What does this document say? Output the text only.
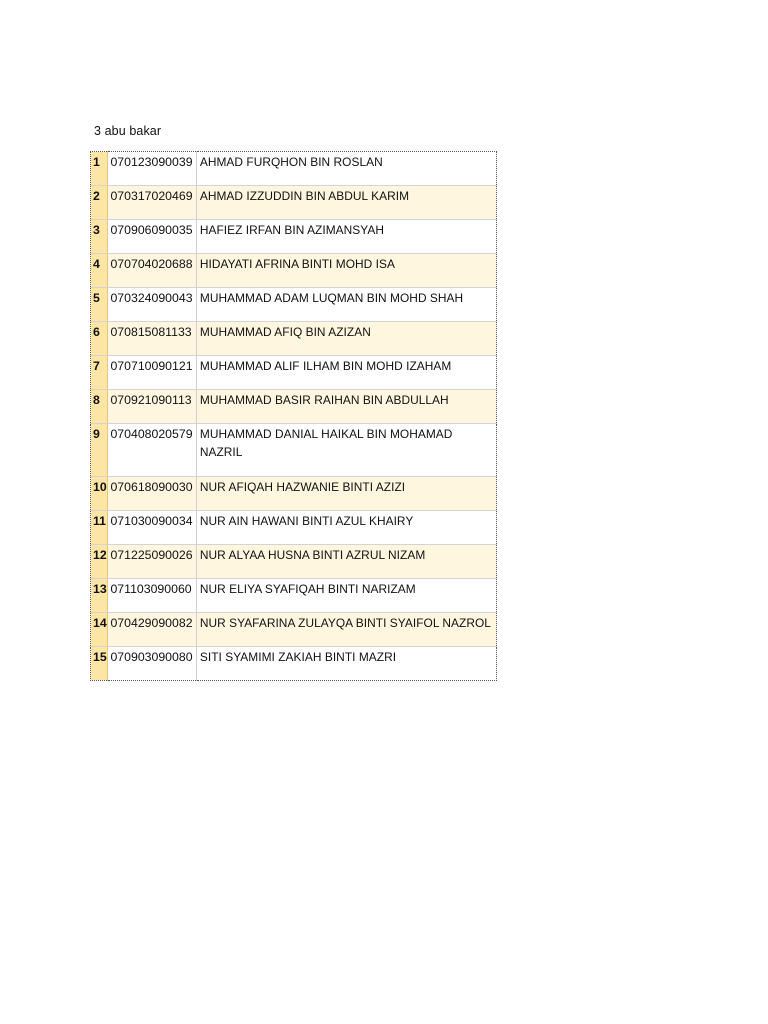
3 abu bakar
1	070123090039	AHMAD FURQHON BIN ROSLAN
2	070317020469	AHMAD IZZUDDIN BIN ABDUL KARIM
3	070906090035	HAFIEZ IRFAN BIN AZIMANSYAH
4	070704020688	HIDAYATI AFRINA BINTI MOHD ISA
5	070324090043	MUHAMMAD ADAM LUQMAN BIN MOHD SHAH
6	070815081133	MUHAMMAD AFIQ BIN AZIZAN
7	070710090121	MUHAMMAD ALIF ILHAM BIN MOHD IZAHAM
8	070921090113	MUHAMMAD BASIR RAIHAN BIN ABDULLAH
9	070408020579	MUHAMMAD DANIAL HAIKAL BIN MOHAMAD NAZRIL
10	070618090030	NUR AFIQAH HAZWANIE BINTI AZIZI
11	071030090034	NUR AIN HAWANI BINTI AZUL KHAIRY
12	071225090026	NUR ALYAA HUSNA BINTI AZRUL NIZAM
13	071103090060	NUR ELIYA SYAFIQAH BINTI NARIZAM
14	070429090082	NUR SYAFARINA ZULAYQA BINTI SYAIFOL NAZROL
15	070903090080	SITI SYAMIMI ZAKIAH BINTI MAZRI
